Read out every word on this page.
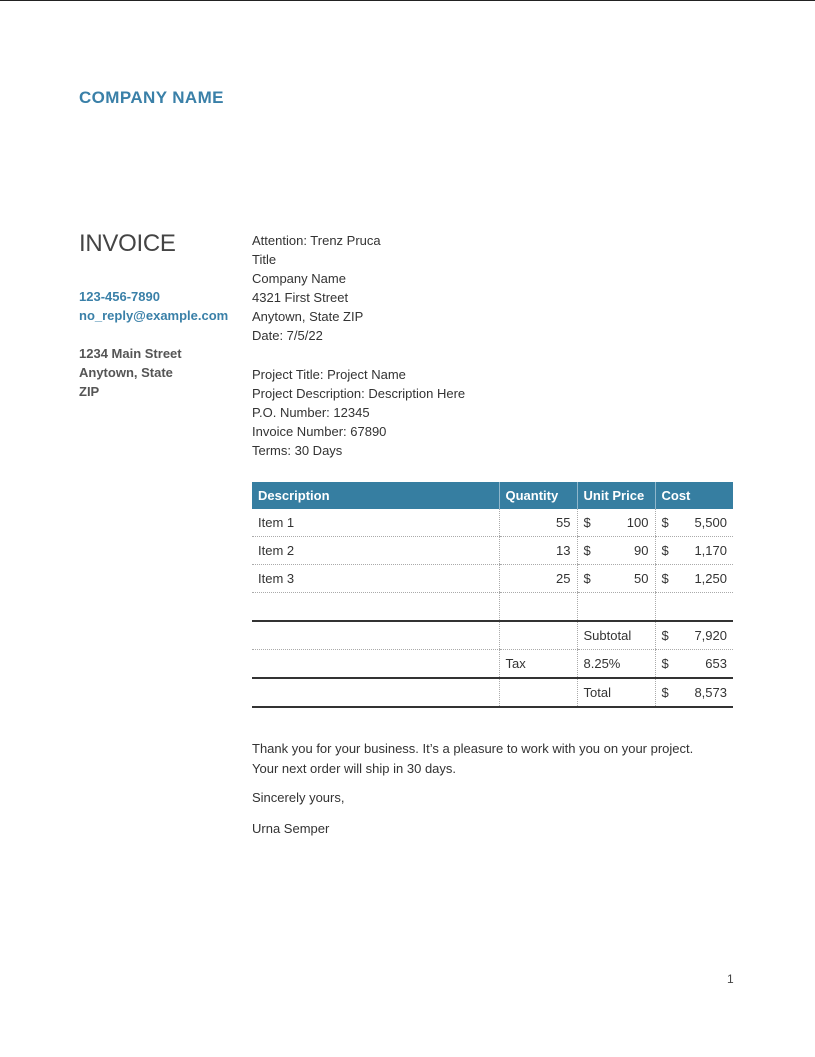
COMPANY NAME
INVOICE
123-456-7890
no_reply@example.com
1234 Main Street
Anytown, State
ZIP
Attention: Trenz Pruca
Title
Company Name
4321 First Street
Anytown, State ZIP
Date: 7/5/22
Project Title: Project Name
Project Description: Description Here
P.O. Number: 12345
Invoice Number: 67890
Terms: 30 Days
Description	Quantity	Unit Price	Cost
Item 1	55	$ 100	$ 5,500

Item 2	13	$ 90	$ 1,170

Item 3	25	$ 50	$ 1,250

		Subtotal	$ 7,920

	Tax	8.25%	$ 653

		Total	$ 8,573
Thank you for your business. It’s a pleasure to work with you on your project.
Your next order will ship in 30 days.
Sincerely yours,
Urna Semper
1
